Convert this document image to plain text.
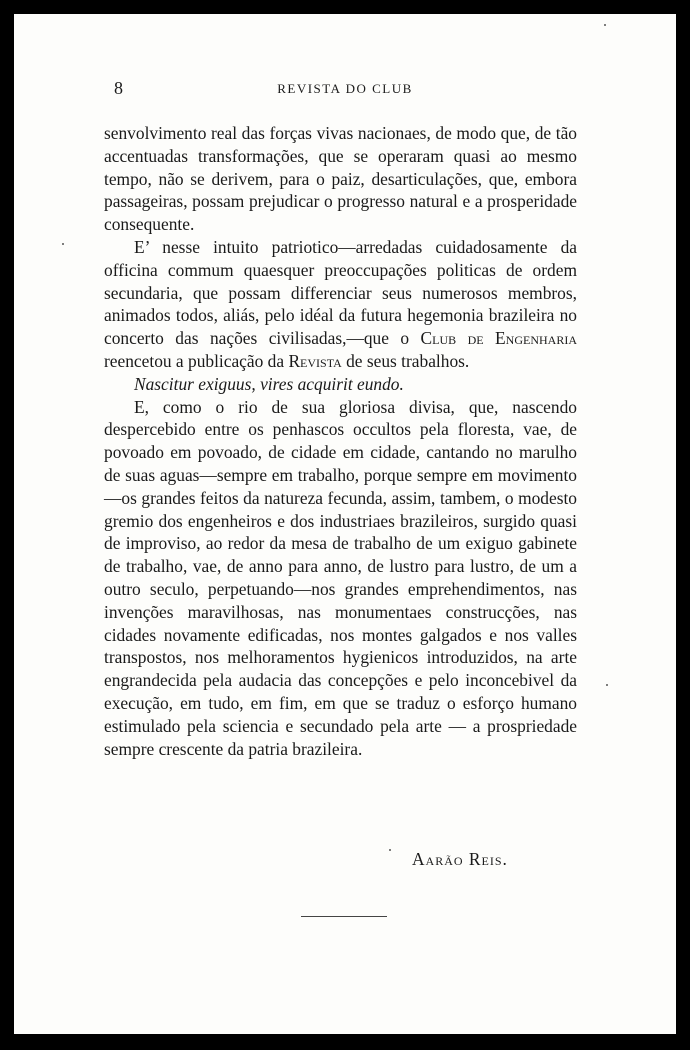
8	REVISTA DO CLUB

senvolvimento real das forças vivas nacionaes, de modo que, de tão accentuadas transformações, que se operaram quasi ao mesmo tempo, não se derivem, para o paiz, desarticulações, que, embora passageiras, possam prejudicar o progresso natural e a prosperidade consequente.

E’ nesse intuito patriotico—arredadas cuidadosamente da officina commum quaesquer preoccupações politicas de ordem secundaria, que possam differenciar seus numerosos membros, animados todos, aliás, pelo idéal da futura hegemonia brazileira no concerto das nações civilisadas,—que o Club de Engenharia reencetou a publicação da Revista de seus trabalhos.

Nascitur exiguus, vires acquirit eundo.

E, como o rio de sua gloriosa divisa, que, nascendo despercebido entre os penhascos occultos pela floresta, vae, de povoado em povoado, de cidade em cidade, cantando no marulho de suas aguas—sempre em trabalho, porque sempre em movimento—os grandes feitos da natureza fecunda, assim, tambem, o modesto gremio dos engenheiros e dos industriaes brazileiros, surgido quasi de improviso, ao redor da mesa de trabalho de um exiguo gabinete de trabalho, vae, de anno para anno, de lustro para lustro, de um a outro seculo, perpetuando—nos grandes emprehendimentos, nas invenções maravilhosas, nas monumentaes construcções, nas cidades novamente edificadas, nos montes galgados e nos valles transpostos, nos melhoramentos hygienicos introduzidos, na arte engrandecida pela audacia das concepções e pelo inconcebivel da execução, em tudo, em fim, em que se traduz o esforço humano estimulado pela sciencia e secundado pela arte — a prospriedade sempre crescente da patria brazileira.

Aarão Reis.
